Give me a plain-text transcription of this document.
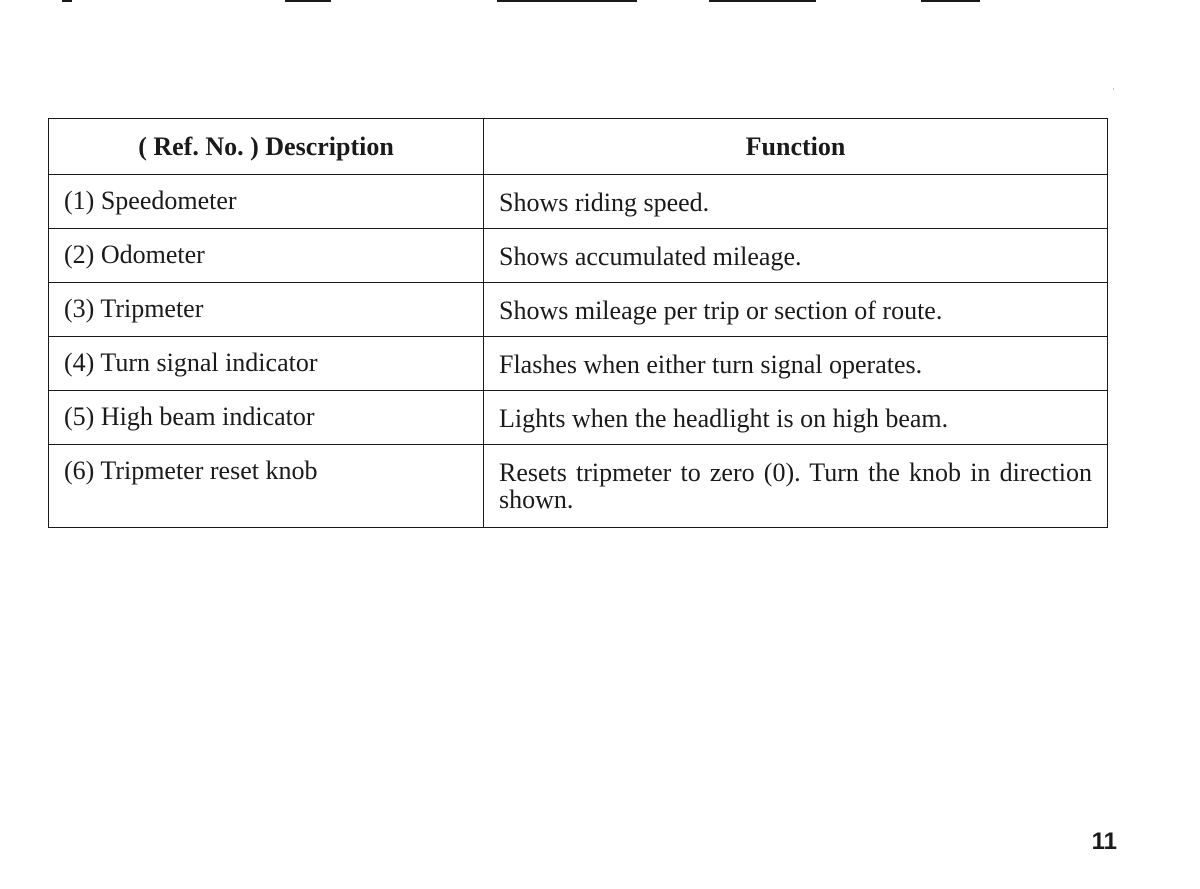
( Ref. No. ) Description	Function
(1) Speedometer	Shows riding speed.
(2) Odometer	Shows accumulated mileage.
(3) Tripmeter	Shows mileage per trip or section of route.
(4) Turn signal indicator	Flashes when either turn signal operates.
(5) High beam indicator	Lights when the headlight is on high beam.
(6) Tripmeter reset knob	Resets tripmeter to zero (0). Turn the knob in direction shown.
11
